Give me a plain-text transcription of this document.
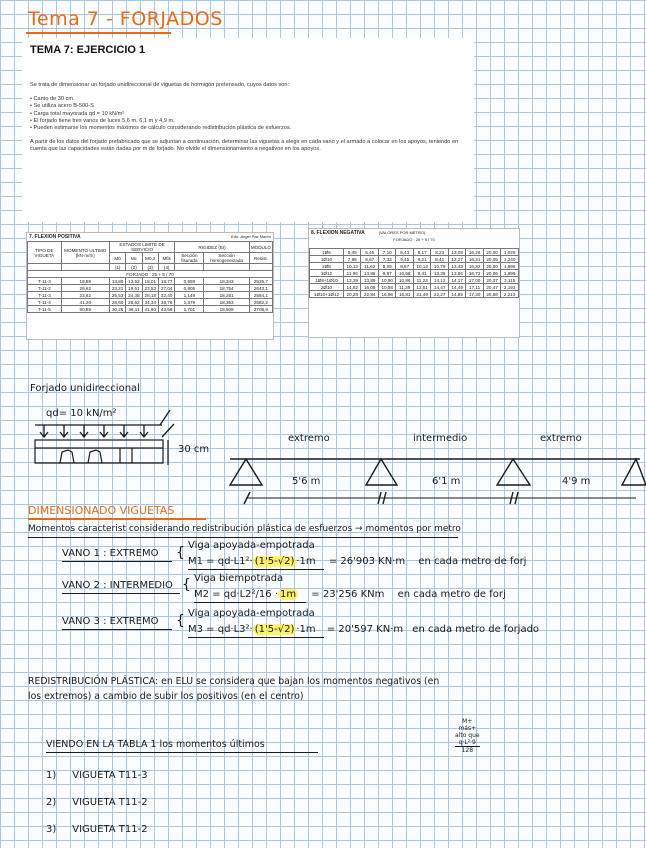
Tema 7 - FORJADOS
TEMA 7: EJERCICIO 1

Se trata de dimensionar un forjado unidireccional de viguetas de hormigón pretensado, cuyos datos son:

• Canto de 30 cm.

• Se utiliza acero B-500-S

• Carga total mayorada qd = 10 kN/m²

• El forjado tiene tres vanos de luces 5,6 m, 6,1 m y 4,9 m.

• Pueden estimarse los momentos máximos de cálculo considerando redistribución plástica de esfuerzos.

A partir de los datos del forjado prefabricado que se adjuntan a continuación, determinar las viguetas a elegir en cada vano y el armado a colocar en los apoyos, teniendo en cuenta que las capacidades están dadas por m de forjado. No olvide el dimensionamiento a negativos en los apoyos.

7. FLEXION POSITIVA	Edo. Angel Paz Martín
TIPO DE VIGUETA	MOMENTO ULTIMO (kN·m/m)	ESTADOS LIMITE DE SERVICIO				RIGIDEZ (EI)		MODULO
		M0	Mc	M0,2	Mfis	Sección fisurada	Sección homogeneizada	Resist.
		(1)	(2)	(3)	(4)			
FORJADO : 25 + 5 / 70								
T-11-3	19,88	13,80	13,52	18,01	18,77	0,659	18,343	2525,7
T-11-2	26,62	23,21	19,51	23,53	27,04	0,805	18,754	2643,1
T-11-3	23,62	25,53	24,38	28,18	32,40	1,149	18,281	2584,1
T-11-4	41,20	28,60	28,62	34,34	38,78	1,379	18,353	2582,2
T-11-5	50,85	30,26	36,11	41,80	43,58	1,701	18,509	2708,9
8. FLEXION NEGATIVA	(VALORES POR METRO)
FORJADO : 25 + 5 / 70
1Ø6	5,45	5,45	7,10	8,43	8,17	8,23	13,08	16,28	20,00	1,029
1Ø10	7,96	8,67	7,33	9,45	9,21	8,41	13,27	16,31	20,05	1,240
2Ø8	10,13	11,62	8,09	8,57	10,13	10,79	13,43	16,32	20,00	1,896
1Ø12	11,96	13,85	9,87	10,58	8,41	13,36	13,86	16,72	20,06	1,996
1Ø8+1Ø10	13,29	13,89	10,90	10,86	11,23	14,12	14,17	17,00	20,37	2,115
2Ø10	14,82	16,08	10,58	11,39	12,51	14,47	14,49	17,11	20,47	2,193
1Ø10+1Ø12	20,28	22,84	16,96	16,81	21,49	22,27	14,85	17,30	20,58	2,213
Forjado unidireccional
qd= 10 kN/m²
30 cm
extremo	intermedio	extremo
5'6 m	6'1 m	4'9 m
DIMENSIONADO VIGUETAS
Momentos caracterist considerando redistribución plástica de esfuerzos → momentos por metro
VANO 1 : EXTREMO { Viga apoyada-empotrada
M1 = qd·L1²· (1'5-√2) ·1m = 26'903 KN·m en cada metro de forj
VANO 2 : INTERMEDIO { Viga biempotrada
M2 = qd·L2²/16 · 1m = 23'256 KNm en cada metro de forj
VANO 3 : EXTREMO { Viga apoyada-empotrada
M3 = qd·L3²· (1'5-√2) ·1m = 20'597 KN·m en cada metro de forjado
REDISTRIBUCIÓN PLÁSTICA: en ELU se considera que bajan los momentos negativos (en
los extremos) a cambio de subir los positivos (en el centro)
M+
más+
alto que
q·L²·9
128
VIENDO EN LA TABLA 1 los momentos últimos
1) VIGUETA T11-3
2) VIGUETA T11-2
3) VIGUETA T11-2
